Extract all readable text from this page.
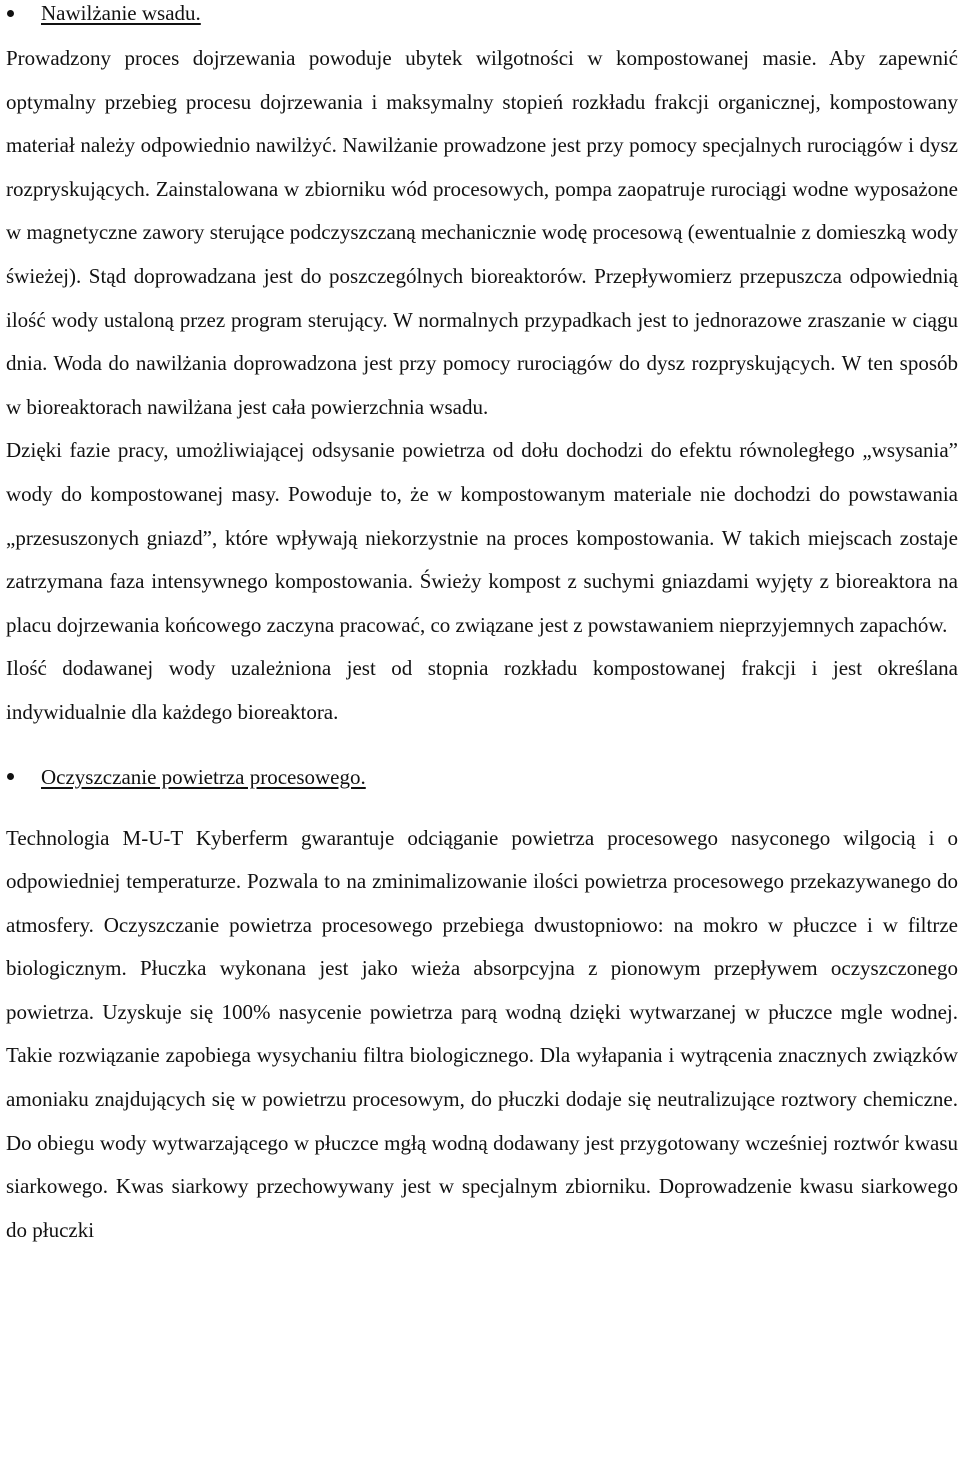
Nawilżanie wsadu.

Prowadzony proces dojrzewania powoduje ubytek wilgotności w kompostowanej masie. Aby zapewnić optymalny przebieg procesu dojrzewania i maksymalny stopień rozkładu frakcji organicznej, kompostowany materiał należy odpowiednio nawilżyć. Nawilżanie prowadzone jest przy pomocy specjalnych rurociągów i dysz rozpryskujących. Zainstalowana w zbiorniku wód procesowych, pompa zaopatruje rurociągi wodne wyposażone w magnetyczne zawory sterujące podczyszczaną mechanicznie wodę procesową (ewentualnie z domieszką wody świeżej). Stąd doprowadzana jest do poszczególnych bioreaktorów. Przepływomierz przepuszcza odpowiednią ilość wody ustaloną przez program sterujący. W normalnych przypadkach jest to jednorazowe zraszanie w ciągu dnia. Woda do nawilżania doprowadzona jest przy pomocy rurociągów do dysz rozpryskujących. W ten sposób w bioreaktorach nawilżana jest cała powierzchnia wsadu.

Dzięki fazie pracy, umożliwiającej odsysanie powietrza od dołu dochodzi do efektu równoległego „wsysania” wody do kompostowanej masy. Powoduje to, że w kompostowanym materiale nie dochodzi do powstawania „przesuszonych gniazd”, które wpływają niekorzystnie na proces kompostowania. W takich miejscach zostaje zatrzymana faza intensywnego kompostowania. Świeży kompost z suchymi gniazdami wyjęty z bioreaktora na placu dojrzewania końcowego zaczyna pracować, co związane jest z powstawaniem nieprzyjemnych zapachów.

Ilość dodawanej wody uzależniona jest od stopnia rozkładu kompostowanej frakcji i jest określana indywidualnie dla każdego bioreaktora.

Oczyszczanie powietrza procesowego.

Technologia M-U-T Kyberferm gwarantuje odciąganie powietrza procesowego nasyconego wilgocią i o odpowiedniej temperaturze. Pozwala to na zminimalizowanie ilości powietrza procesowego przekazywanego do atmosfery. Oczyszczanie powietrza procesowego przebiega dwustopniowo: na mokro w płuczce i w filtrze biologicznym. Płuczka wykonana jest jako wieża absorpcyjna z pionowym przepływem oczyszczonego powietrza. Uzyskuje się 100% nasycenie powietrza parą wodną dzięki wytwarzanej w płuczce mgle wodnej. Takie rozwiązanie zapobiega wysychaniu filtra biologicznego. Dla wyłapania i wytrącenia znacznych związków amoniaku znajdujących się w powietrzu procesowym, do płuczki dodaje się neutralizujące roztwory chemiczne. Do obiegu wody wytwarzającego w płuczce mgłą wodną dodawany jest przygotowany wcześniej roztwór kwasu siarkowego. Kwas siarkowy przechowywany jest w specjalnym zbiorniku. Doprowadzenie kwasu siarkowego do płuczki
